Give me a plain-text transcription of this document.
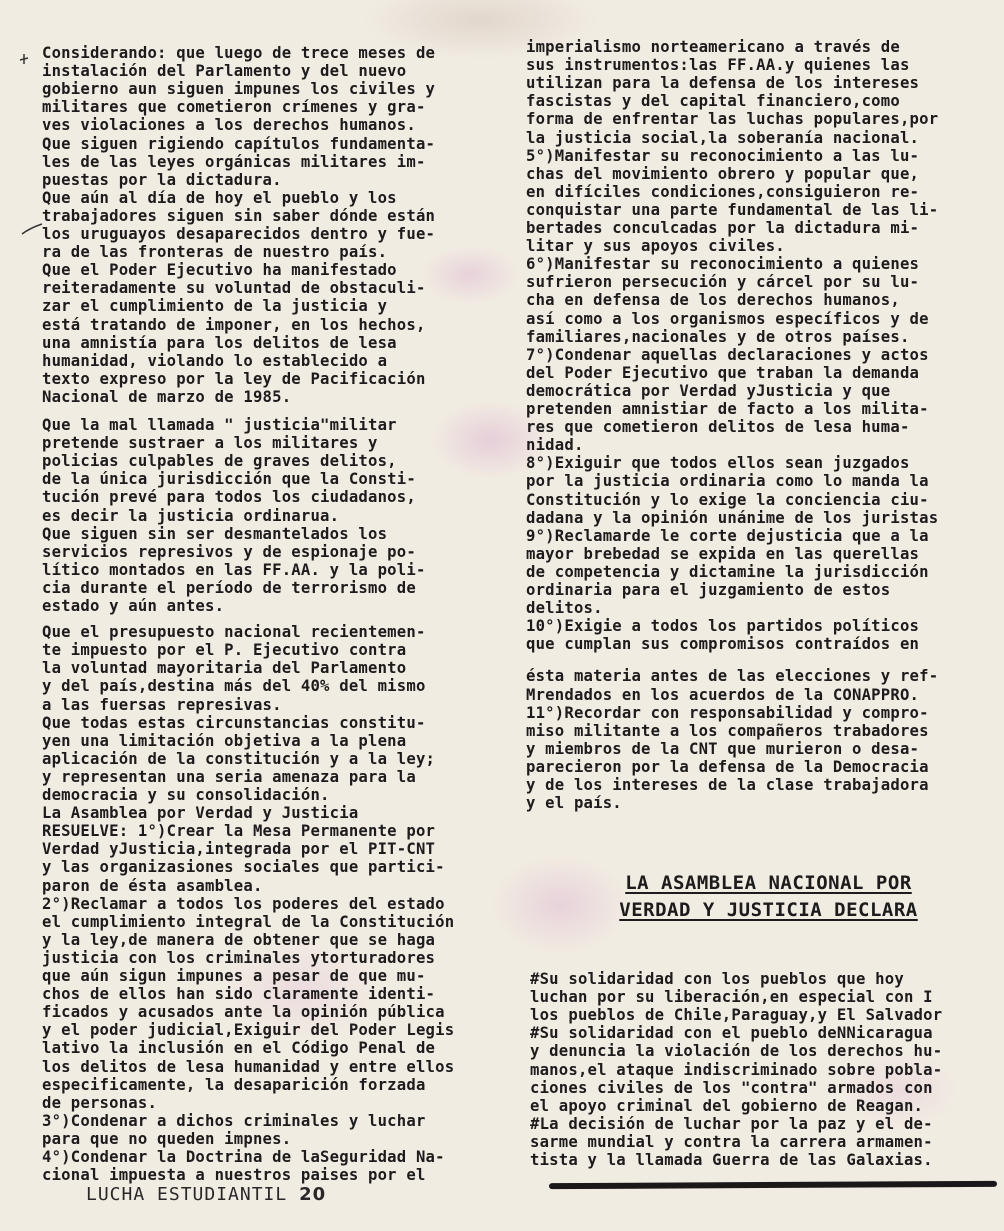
Considerando: que luego de trece meses de
instalación del Parlamento y del nuevo
gobierno aun siguen impunes los civiles y
militares que cometieron crímenes y gra-
ves violaciones a los derechos humanos.
Que siguen rigiendo capítulos fundamenta-
les de las leyes orgánicas militares im-
puestas por la dictadura.
Que aún al día de hoy el pueblo y los
trabajadores siguen sin saber dónde están
los uruguayos desaparecidos dentro y fue-
ra de las fronteras de nuestro país.
Que el Poder Ejecutivo ha manifestado
reiteradamente su voluntad de obstaculi-
zar el cumplimiento de la justicia y
está tratando de imponer, en los hechos,
una amnistía para los delitos de lesa
humanidad, violando lo establecido a
texto expreso por la ley de Pacificación
Nacional de marzo de 1985.
Que la mal llamada " justicia"militar
pretende sustraer a los militares y
policias culpables de graves delitos,
de la única jurisdicción que la Consti-
tución prevé para todos los ciudadanos,
es decir la justicia ordinarua.
Que siguen sin ser desmantelados los
servicios represivos y de espionaje po-
lítico montados en las FF.AA. y la poli-
cia durante el período de terrorismo de
estado y aún antes.
Que el presupuesto nacional recientemen-
te impuesto por el P. Ejecutivo contra
la voluntad mayoritaria del Parlamento
y del país,destina más del 40% del mismo
a las fuersas represivas.
Que todas estas circunstancias constitu-
yen una limitación objetiva a la plena
aplicación de la constitución y a la ley;
y representan una seria amenaza para la
democracia y su consolidación.
La Asamblea por Verdad y Justicia
RESUELVE: 1°)Crear la Mesa Permanente por
Verdad yJusticia,integrada por el PIT-CNT
y las organizasiones sociales que partici-
paron de ésta asamblea.
2°)Reclamar a todos los poderes del estado
el cumplimiento integral de la Constitución
y la ley,de manera de obtener que se haga
justicia con los criminales ytorturadores
que aún sigun impunes a pesar de que mu-
chos de ellos han sido claramente identi-
ficados y acusados ante la opinión pública
y el poder judicial,Exiguir del Poder Legis
lativo la inclusión en el Código Penal de
los delitos de lesa humanidad y entre ellos
especificamente, la desaparición forzada
de personas.
3°)Condenar a dichos criminales y luchar
para que no queden impnes.
4°)Condenar la Doctrina de laSeguridad Na-
cional impuesta a nuestros paises por el
imperialismo norteamericano a través de
sus instrumentos:las FF.AA.y quienes las
utilizan para la defensa de los intereses
fascistas y del capital financiero,como
forma de enfrentar las luchas populares,por
la justicia social,la soberanía nacional.
5°)Manifestar su reconocimiento a las lu-
chas del movimiento obrero y popular que,
en difíciles condiciones,consiguieron re-
conquistar una parte fundamental de las li-
bertades conculcadas por la dictadura mi-
litar y sus apoyos civiles.
6°)Manifestar su reconocimiento a quienes
sufrieron persecución y cárcel por su lu-
cha en defensa de los derechos humanos,
así como a los organismos específicos y de
familiares,nacionales y de otros países.
7°)Condenar aquellas declaraciones y actos
del Poder Ejecutivo que traban la demanda
democrática por Verdad yJusticia y que
pretenden amnistiar de facto a los milita-
res que cometieron delitos de lesa huma-
nidad.
8°)Exiguir que todos ellos sean juzgados
por la justicia ordinaria como lo manda la
Constitución y lo exige la conciencia ciu-
dadana y la opinión unánime de los juristas
9°)Reclamarde le corte dejusticia que a la
mayor brebedad se expida en las querellas
de competencia y dictamine la jurisdicción
ordinaria para el juzgamiento de estos
delitos.
10°)Exigie a todos los partidos políticos
que cumplan sus compromisos contraídos en
ésta materia antes de las elecciones y ref-
Mrendados en los acuerdos de la CONAPPRO.
11°)Recordar con responsabilidad y compro-
miso militante a los compañeros trabadores
y miembros de la CNT que murieron o desa-
parecieron por la defensa de la Democracia
y de los intereses de la clase trabajadora
y el país.
LA ASAMBLEA NACIONAL POR
VERDAD Y JUSTICIA DECLARA
#Su solidaridad con los pueblos que hoy
luchan por su liberación,en especial con I
los pueblos de Chile,Paraguay,y El Salvador
#Su solidaridad con el pueblo deNNicaragua
y denuncia la violación de los derechos hu-
manos,el ataque indiscriminado sobre pobla-
ciones civiles de los "contra" armados con
el apoyo criminal del gobierno de Reagan.
#La decisión de luchar por la paz y el de-
sarme mundial y contra la carrera armamen-
tista y la llamada Guerra de las Galaxias.
LUCHA ESTUDIANTIL 20
